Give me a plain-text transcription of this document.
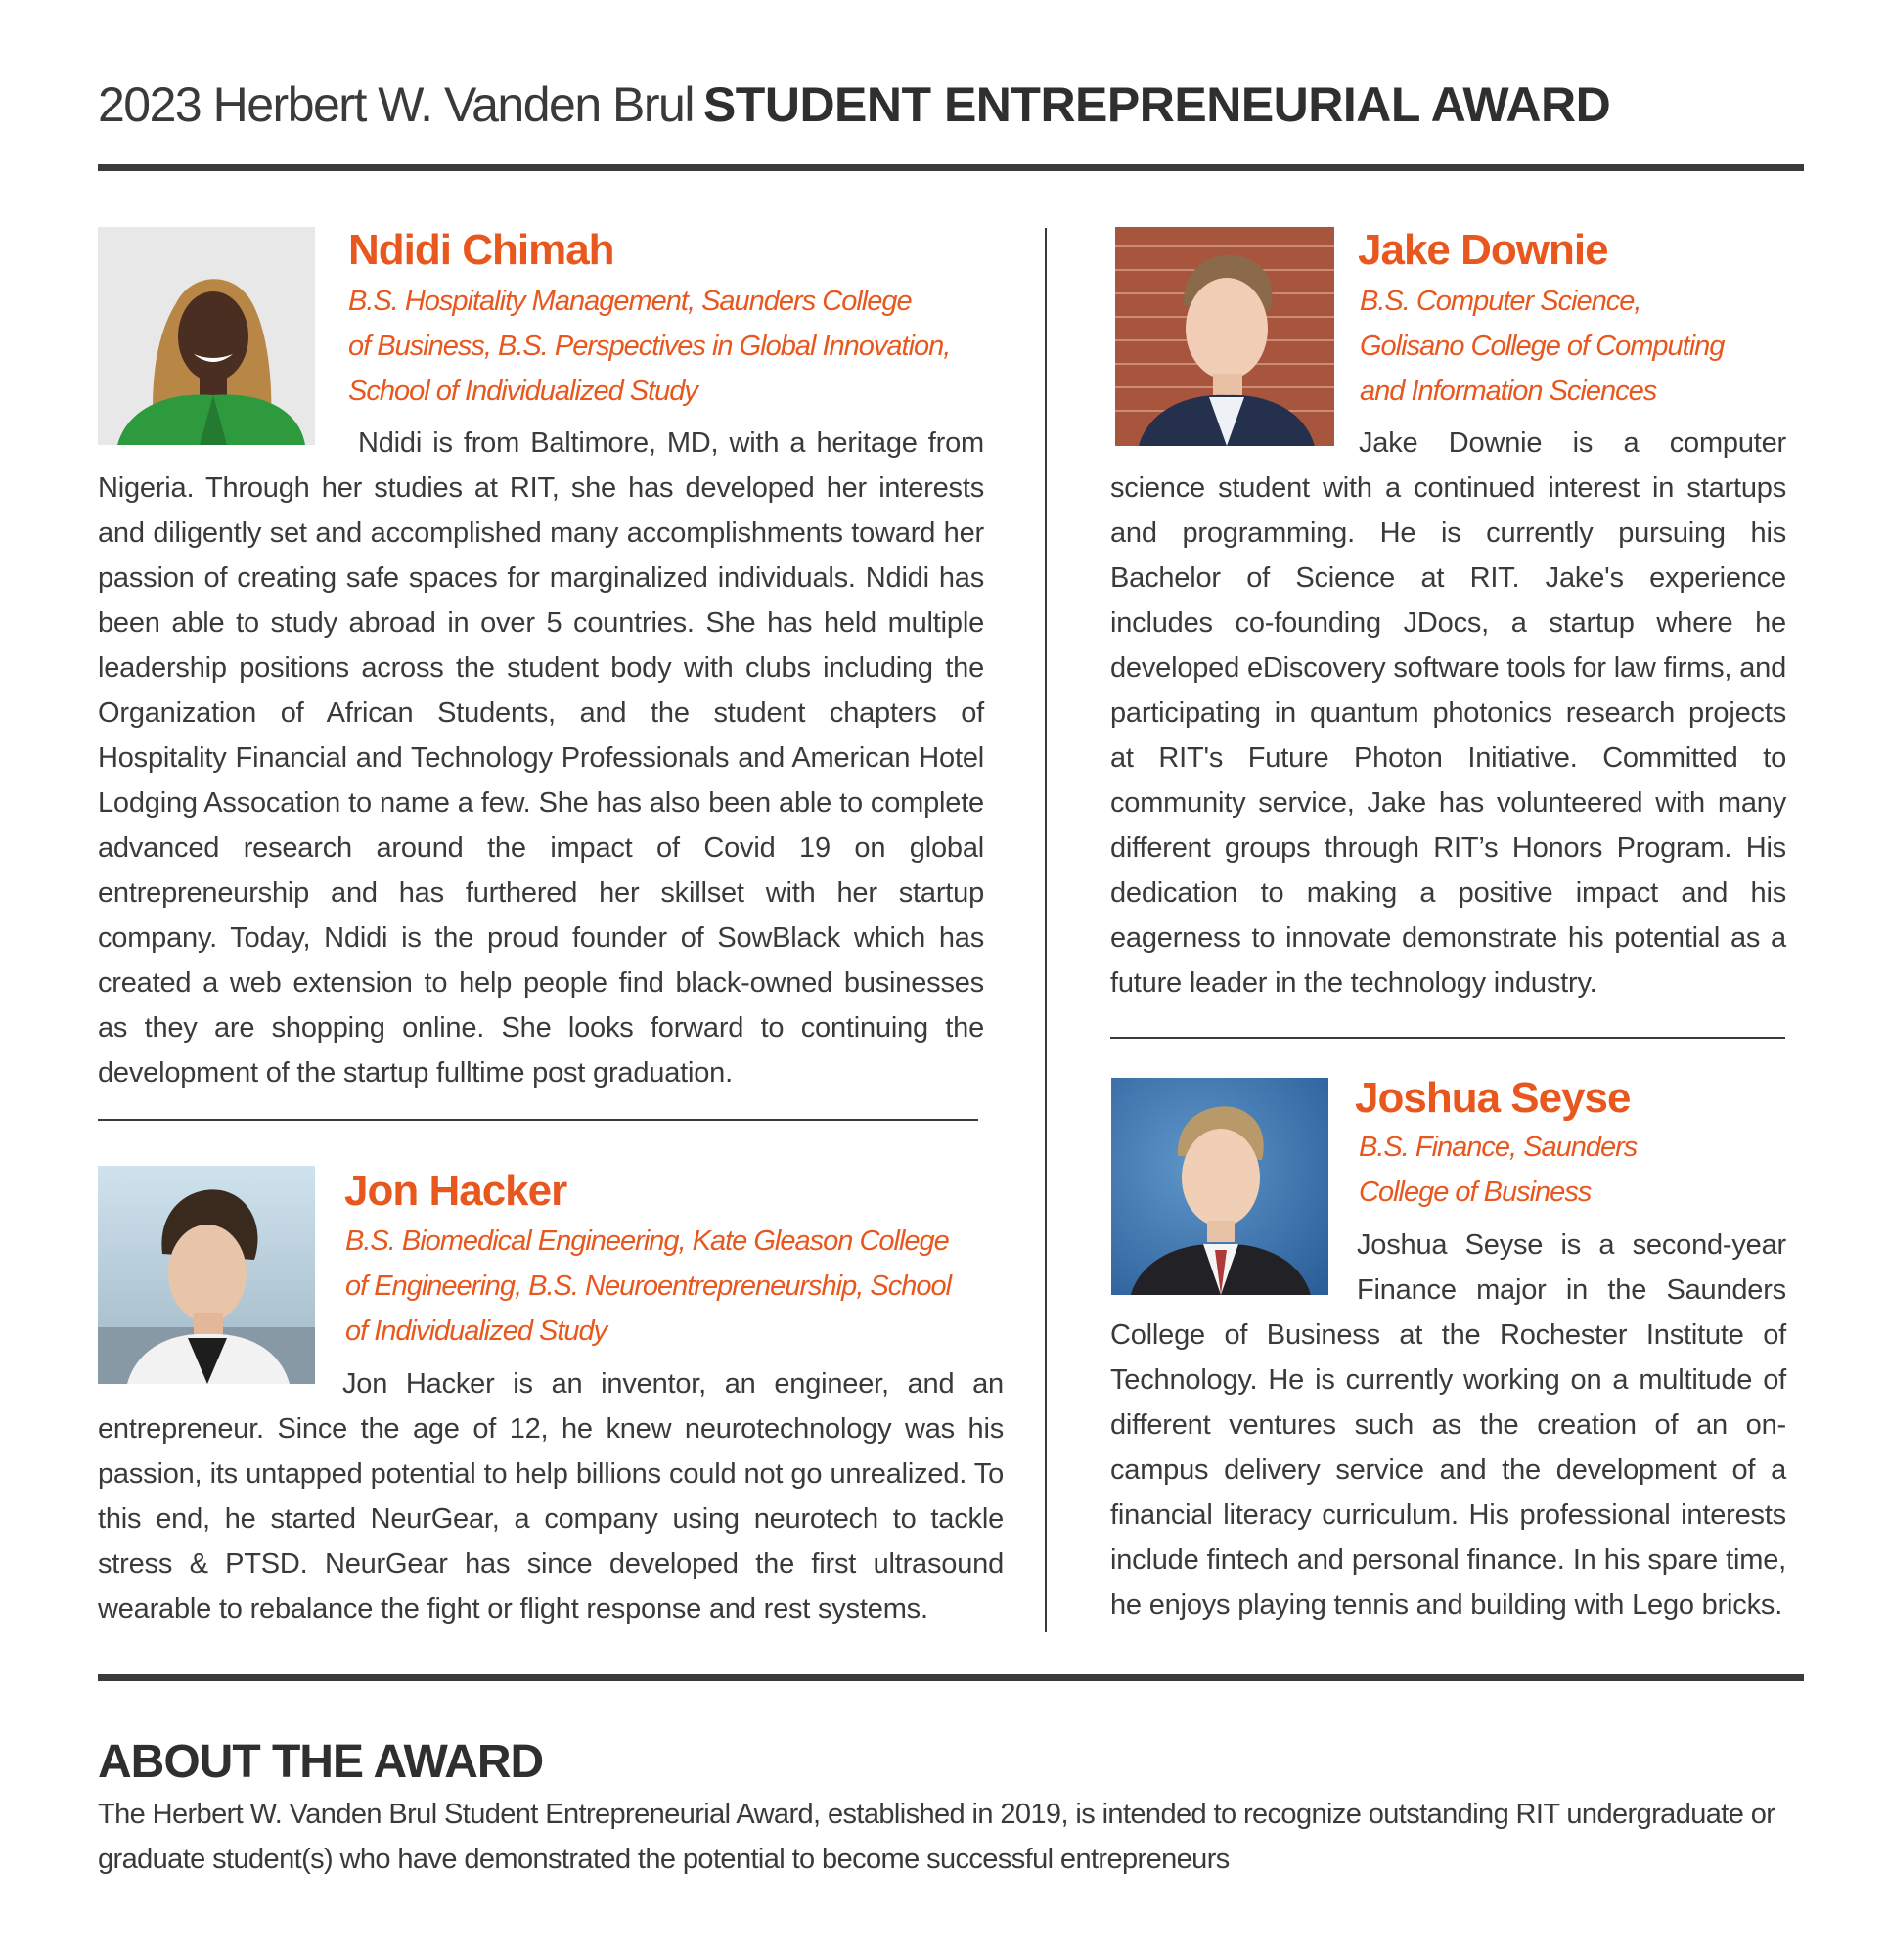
2023 Herbert W. Vanden Brul STUDENT ENTREPRENEURIAL AWARD
Ndidi Chimah
B.S. Hospitality Management, Saunders College
of Business, B.S. Perspectives in Global Innovation,
School of Individualized Study
Ndidi is from Baltimore, MD, with a heritage from Nigeria. Through her studies at RIT, she has developed her interests and diligently set and accomplished many accomplishments toward her passion of creating safe spaces for marginalized individuals. Ndidi has been able to study abroad in over 5 countries. She has held multiple leadership positions across the student body with clubs including the Organization of African Students, and the student chapters of Hospitality Financial and Technology Professionals and American Hotel Lodging Assocation to name a few. She has also been able to complete advanced research around the impact of Covid 19 on global entrepreneurship and has furthered her skillset with her startup company. Today, Ndidi is the proud founder of SowBlack which has created a web extension to help people find black-owned businesses as they are shopping online. She looks forward to continuing the development of the startup fulltime post graduation.
Jon Hacker
B.S. Biomedical Engineering, Kate Gleason College
of Engineering, B.S. Neuroentrepreneurship, School
of Individualized Study
Jon Hacker is an inventor, an engineer, and an entrepreneur. Since the age of 12, he knew neurotechnology was his passion, its untapped potential to help billions could not go unrealized. To this end, he started NeurGear, a company using neurotech to tackle stress & PTSD. NeurGear has since developed the first ultrasound wearable to rebalance the fight or flight response and rest systems.
Jake Downie
B.S. Computer Science,
Golisano College of Computing
and Information Sciences
Jake Downie is a computer science student with a continued interest in startups and programming. He is currently pursuing his Bachelor of Science at RIT. Jake's experience includes co-founding JDocs, a startup where he developed eDiscovery software tools for law firms, and participating in quantum photonics research projects at RIT's Future Photon Initiative. Committed to community service, Jake has volunteered with many different groups through RIT’s Honors Program. His dedication to making a positive impact and his eagerness to innovate demonstrate his potential as a future leader in the technology industry.
Joshua Seyse
B.S. Finance, Saunders
College of Business
Joshua Seyse is a second-year Finance major in the Saunders College of Business at the Rochester Institute of Technology. He is currently working on a multitude of different ventures such as the creation of an on-campus delivery service and the development of a financial literacy curriculum. His professional interests include fintech and personal finance. In his spare time, he enjoys playing tennis and building with Lego bricks.
ABOUT THE AWARD
The Herbert W. Vanden Brul Student Entrepreneurial Award, established in 2019, is intended to recognize outstanding RIT undergraduate or graduate student(s) who have demonstrated the potential to become successful entrepreneurs
